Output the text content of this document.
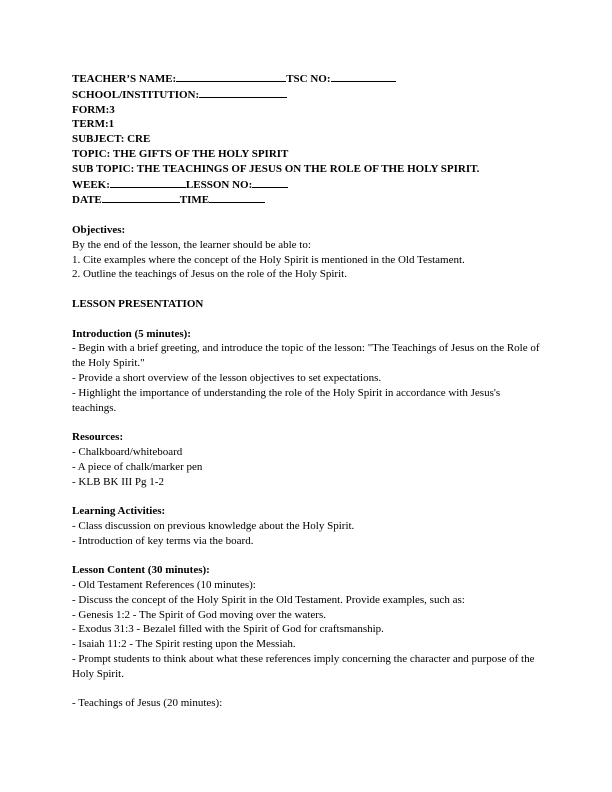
TEACHER’S NAME:	TSC NO:
SCHOOL/INSTITUTION:
FORM:3
TERM:1
SUBJECT: CRE
TOPIC: THE GIFTS OF THE HOLY SPIRIT
SUB TOPIC: THE TEACHINGS OF JESUS ON THE ROLE OF THE HOLY SPIRIT.
WEEK:	LESSON NO:
DATE	TIME

Objectives:

By the end of the lesson, the learner should be able to:

1. Cite examples where the concept of the Holy Spirit is mentioned in the Old Testament.

2. Outline the teachings of Jesus on the role of the Holy Spirit.

LESSON PRESENTATION

Introduction (5 minutes):

- Begin with a brief greeting, and introduce the topic of the lesson: "The Teachings of Jesus on the Role of the Holy Spirit."

- Provide a short overview of the lesson objectives to set expectations.

- Highlight the importance of understanding the role of the Holy Spirit in accordance with Jesus's teachings.

Resources:

- Chalkboard/whiteboard

- A piece of chalk/marker pen

- KLB BK III Pg 1-2

Learning Activities:

- Class discussion on previous knowledge about the Holy Spirit.

- Introduction of key terms via the board.

Lesson Content (30 minutes):

- Old Testament References (10 minutes):

- Discuss the concept of the Holy Spirit in the Old Testament. Provide examples, such as:

- Genesis 1:2 - The Spirit of God moving over the waters.

- Exodus 31:3 - Bezalel filled with the Spirit of God for craftsmanship.

- Isaiah 11:2 - The Spirit resting upon the Messiah.

- Prompt students to think about what these references imply concerning the character and purpose of the Holy Spirit.

- Teachings of Jesus (20 minutes):
